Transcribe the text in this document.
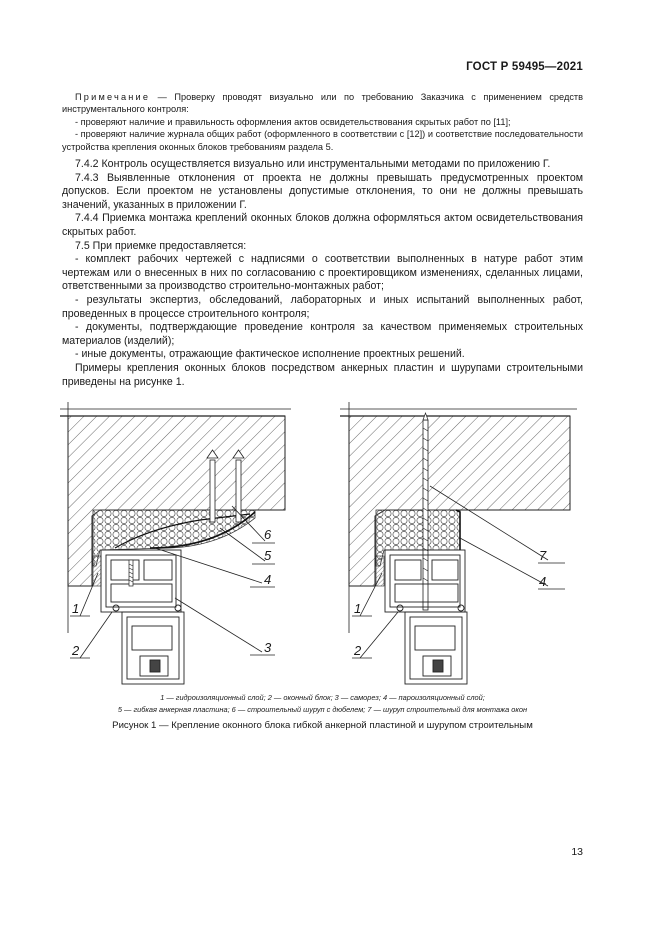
ГОСТ Р 59495—2021

Примечание — Проверку проводят визуально или по требованию Заказчика с применением средств инструментального контроля:

- проверяют наличие и правильность оформления актов освидетельствования скрытых работ по [11];

- проверяют наличие журнала общих работ (оформленного в соответствии с [12]) и соответствие последовательности устройства крепления оконных блоков требованиям раздела 5.

7.4.2 Контроль осуществляется визуально или инструментальными методами по приложению Г.

7.4.3 Выявленные отклонения от проекта не должны превышать предусмотренных проектом допусков. Если проектом не установлены допустимые отклонения, то они не должны превышать значений, указанных в приложении Г.

7.4.4 Приемка монтажа креплений оконных блоков должна оформляться актом освидетельствования скрытых работ.

7.5 При приемке предоставляется:

- комплект рабочих чертежей с надписями о соответствии выполненных в натуре работ этим чертежам или о внесенных в них по согласованию с проектировщиком изменениях, сделанных лицами, ответственными за производство строительно-монтажных работ;

- результаты экспертиз, обследований, лабораторных и иных испытаний выполненных работ, проведенных в процессе строительного контроля;

- документы, подтверждающие проведение контроля за качеством применяемых строительных материалов (изделий);

- иные документы, отражающие фактическое исполнение проектных решений.

Примеры крепления оконных блоков посредством анкерных пластин и шурупами строительными приведены на рисунке 1.

6
5
4
3
1
2
7
4
1
2
1 — гидроизоляционный слой; 2 — оконный блок; 3 — саморез; 4 — пароизоляционный слой;
5 — гибкая анкерная пластина; 6 — строительный шуруп с дюбелем; 7 — шуруп строительный для монтажа окон
Рисунок 1 — Крепление оконного блока гибкой анкерной пластиной и шурупом строительным
13
